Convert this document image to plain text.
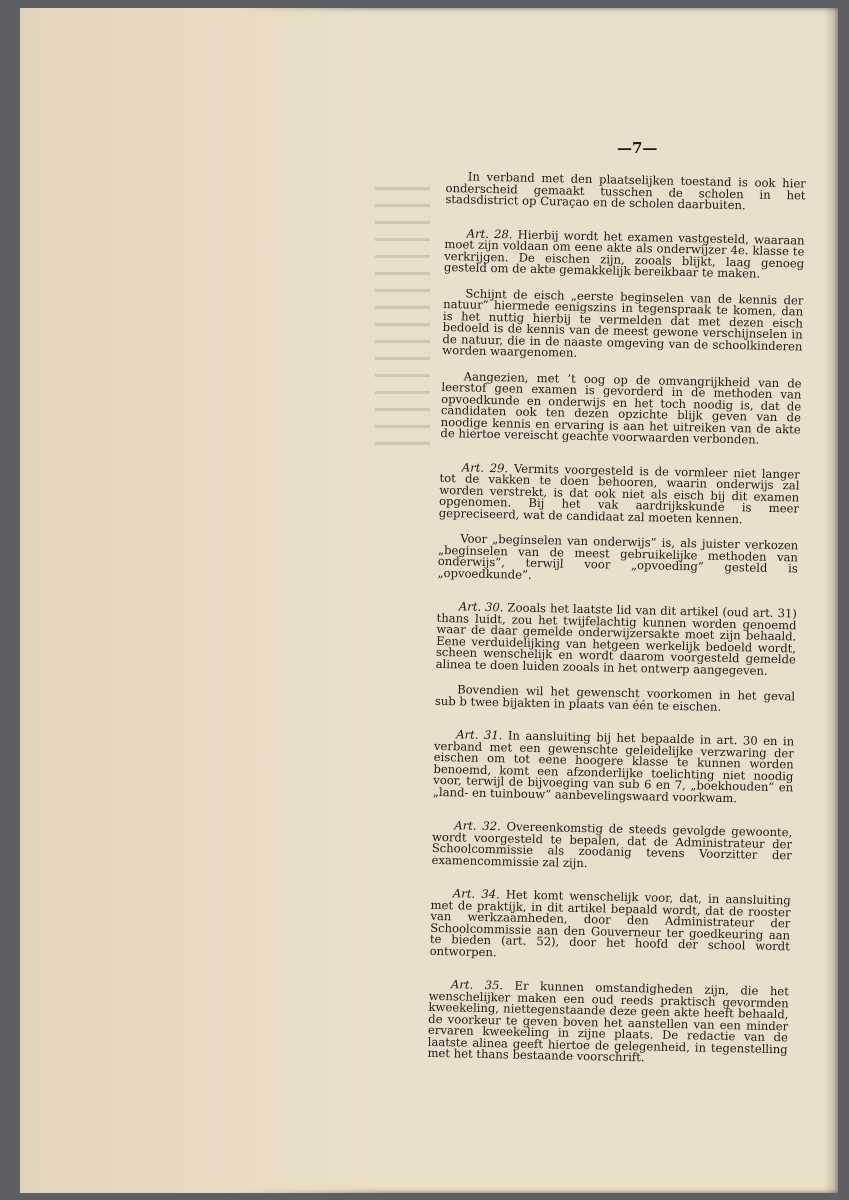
—7—

In verband met den plaatselijken toestand is ook hier onderscheid gemaakt tusschen de scholen in het stadsdistrict op Curaçao en de scholen daarbuiten.

Art. 28. Hierbij wordt het examen vastgesteld, waaraan moet zijn voldaan om eene akte als onderwijzer 4e. klasse te verkrijgen. De eischen zijn, zooals blijkt, laag genoeg gesteld om de akte gemakkelijk bereikbaar te maken.

Schijnt de eisch „eerste beginselen van de kennis der natuur” hiermede eenigszins in tegenspraak te komen, dan is het nuttig hierbij te vermelden dat met dezen eisch bedoeld is de kennis van de meest gewone verschijnselen in de natuur, die in de naaste omgeving van de schoolkinderen worden waargenomen.

Aangezien, met ’t oog op de omvangrijkheid van de leerstof geen examen is gevorderd in de methoden van opvoedkunde en onderwijs en het toch noodig is, dat de candidaten ook ten dezen opzichte blijk geven van de noodige kennis en ervaring is aan het uitreiken van de akte de hiertoe vereischt geachte voorwaarden verbonden.

Art. 29. Vermits voorgesteld is de vormleer niet langer tot de vakken te doen behooren, waarin onderwijs zal worden verstrekt, is dat ook niet als eisch bij dit examen opgenomen. Bij het vak aardrijkskunde is meer gepreciseerd, wat de candidaat zal moeten kennen.

Voor „beginselen van onderwijs” is, als juister verkozen „beginselen van de meest gebruikelijke methoden van onderwijs”, terwijl voor „opvoeding” gesteld is „opvoedkunde”.

Art. 30. Zooals het laatste lid van dit artikel (oud art. 31) thans luidt, zou het twijfelachtig kunnen worden genoemd waar de daar gemelde onderwijzersakte moet zijn behaald. Eene verduidelijking van hetgeen werkelijk bedoeld wordt, scheen wenschelijk en wordt daarom voorgesteld gemelde alinea te doen luiden zooals in het ontwerp aangegeven.

Bovendien wil het gewenscht voorkomen in het geval sub b twee bijakten in plaats van één te eischen.

Art. 31. In aansluiting bij het bepaalde in art. 30 en in verband met een gewenschte geleidelijke verzwaring der eischen om tot eene hoogere klasse te kunnen worden benoemd, komt een afzonderlijke toelichting niet noodig voor, terwijl de bijvoeging van sub 6 en 7, „boekhouden” en „land- en tuinbouw” aanbevelingswaard voorkwam.

Art. 32. Overeenkomstig de steeds gevolgde gewoonte, wordt voorgesteld te bepalen, dat de Administrateur der Schoolcommissie als zoodanig tevens Voorzitter der examencommissie zal zijn.

Art. 34. Het komt wenschelijk voor, dat, in aansluiting met de praktijk, in dit artikel bepaald wordt, dat de rooster van werkzaamheden, door den Administrateur der Schoolcommissie aan den Gouverneur ter goedkeuring aan te bieden (art. 52), door het hoofd der school wordt ontworpen.

Art. 35. Er kunnen omstandigheden zijn, die het wenschelijker maken een oud reeds praktisch gevormden kweekeling, niettegenstaande deze geen akte heeft behaald, de voorkeur te geven boven het aanstellen van een minder ervaren kweekeling in zijne plaats. De redactie van de laatste alinea geeft hiertoe de gelegenheid, in tegenstelling met het thans bestaande voorschrift.
